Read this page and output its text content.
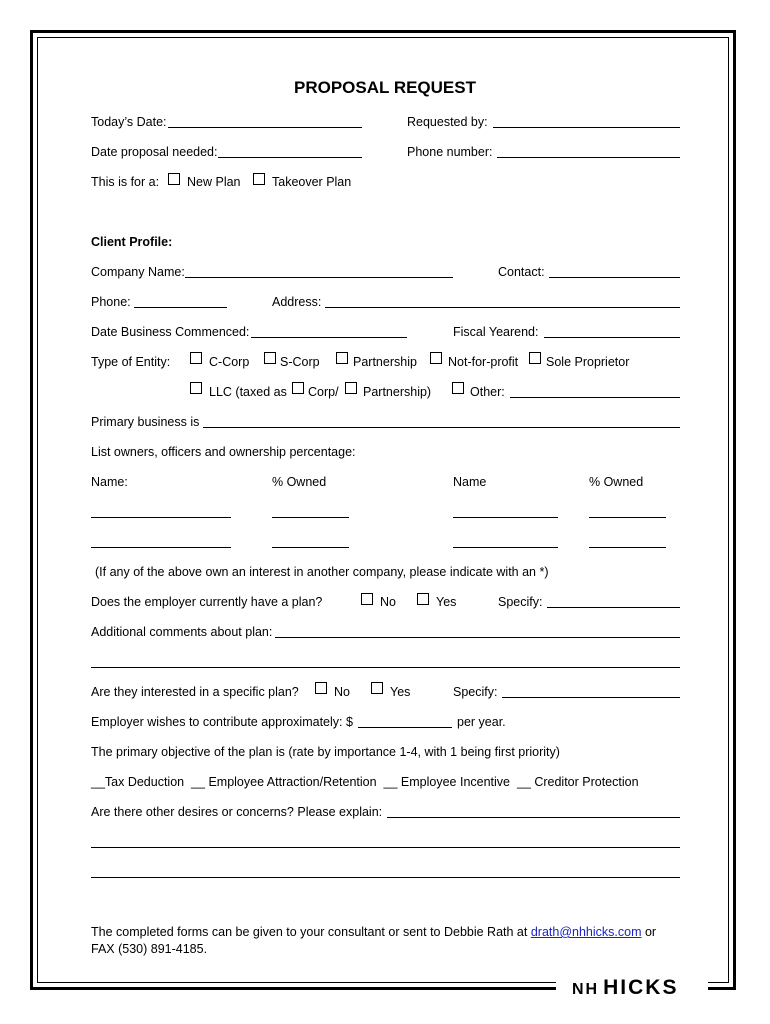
PROPOSAL REQUEST
Today’s Date:	Requested by:
Date proposal needed:	Phone number:
This is for a: New Plan	Takeover Plan
Client Profile:
Company Name:	Contact:
Phone:	Address:
Date Business Commenced:	Fiscal Yearend:
Type of Entity:	C-Corp S-Corp	Partnership Not-for-profit Sole Proprietor
LLC (taxed as Corp/ Partnership)	Other:
Primary business is
List owners, officers and ownership percentage:
Name:	% Owned	Name	% Owned
(If any of the above own an interest in another company, please indicate with an *)
Does the employer currently have a plan?	No	Yes	Specify:
Additional comments about plan:
Are they interested in a specific plan?	No	Yes	Specify:
Employer wishes to contribute approximately: $	per year.
The primary objective of the plan is (rate by importance 1-4, with 1 being first priority)
__Tax Deduction  __ Employee Attraction/Retention  __ Employee Incentive  __ Creditor Protection
Are there other desires or concerns? Please explain:
The completed forms can be given to your consultant or sent to Debbie Rath at drath@nhhicks.com or
FAX (530) 891-4185.
NH HICKS
